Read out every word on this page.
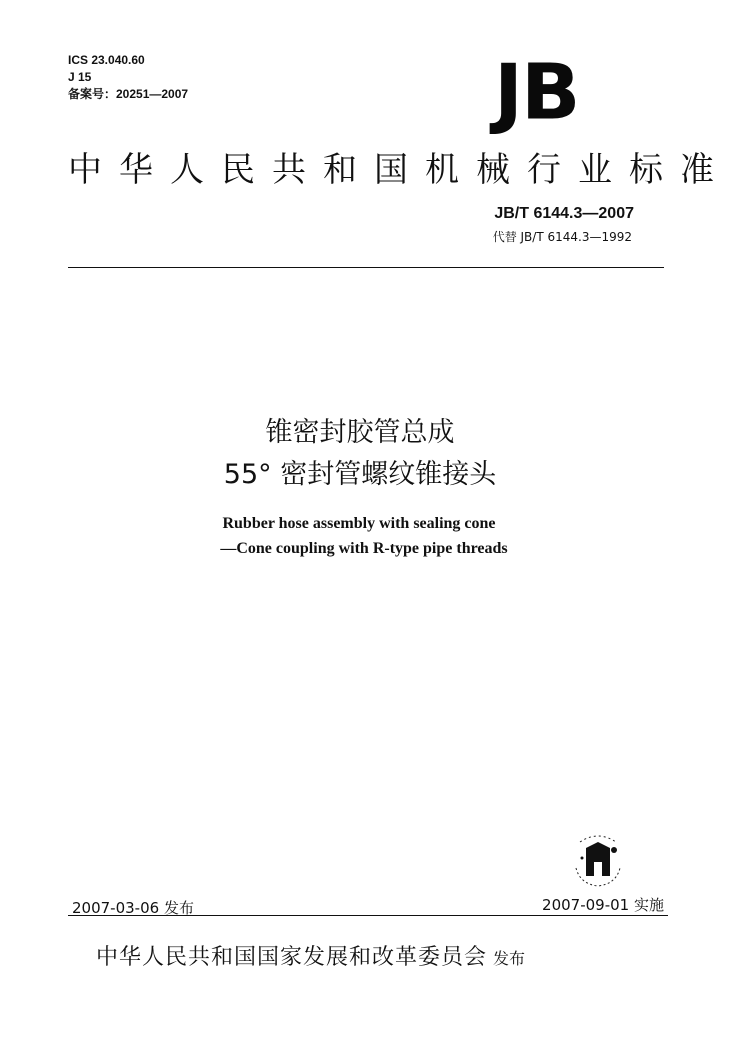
ICS 23.040.60
J 15
备案号：20251—2007	JB
中华人民共和国机械行业标准
JB/T 6144.3—2007
代替 JB/T 6144.3—1992
锥密封胶管总成
55° 密封管螺纹锥接头
Rubber hose assembly with sealing cone
—Cone coupling with R-type pipe threads
2007-03-06 发布	2007-09-01 实施
中华人民共和国国家发展和改革委员会 发布
